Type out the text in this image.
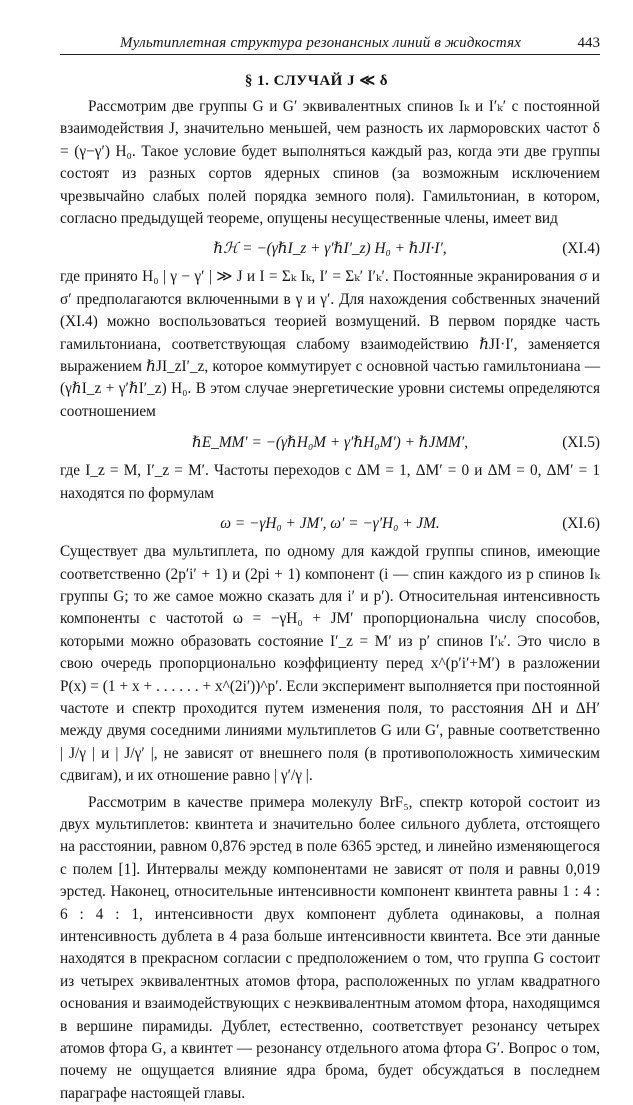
Мультиплетная структура резонансных линий в жидкостях	443
§ 1. СЛУЧАЙ J ≪ δ

Рассмотрим две группы G и G′ эквивалентных спинов Iₖ и I′ₖ′ с постоянной взаимодействия J, значительно меньшей, чем разность их ларморовских частот δ = (γ−γ′) H₀. Такое условие будет выполняться каждый раз, когда эти две группы состоят из разных сортов ядерных спинов (за возможным исключением чрезвычайно слабых полей порядка земного поля). Гамильтониан, в котором, согласно предыдущей теореме, опущены несущественные члены, имеет вид

ℏℋ = −(γℏI_z + γ′ℏI′_z) H₀ + ℏJI·I′,	(XI.4)

где принято H₀ | γ − γ′ | ≫ J и I = Σₖ Iₖ, I′ = Σₖ′ I′ₖ′. Постоянные экранирования σ и σ′ предполагаются включенными в γ и γ′. Для нахождения собственных значений (XI.4) можно воспользоваться теорией возмущений. В первом порядке часть гамильтониана, соответствующая слабому взаимодействию ℏJI·I′, заменяется выражением ℏJI_zI′_z, которое коммутирует с основной частью гамильтониана — (γℏI_z + γ′ℏI′_z) H₀. В этом случае энергетические уровни системы определяются соотношением

ℏE_MM′ = −(γℏH₀M + γ′ℏH₀M′) + ℏJMM′,	(XI.5)

где I_z = M, I′_z = M′. Частоты переходов с ΔM = 1, ΔM′ = 0 и ΔM = 0, ΔM′ = 1 находятся по формулам

ω = −γH₀ + JM′, ω′ = −γ′H₀ + JM.	(XI.6)

Существует два мультиплета, по одному для каждой группы спинов, имеющие соответственно (2p′i′ + 1) и (2pi + 1) компонент (i — спин каждого из p спинов Iₖ группы G; то же самое можно сказать для i′ и p′). Относительная интенсивность компоненты с частотой ω = −γH₀ + JM′ пропорциональна числу способов, которыми можно образовать состояние I′_z = M′ из p′ спинов I′ₖ′. Это число в свою очередь пропорционально коэффициенту перед x^(p′i′+M′) в разложении P(x) = (1 + x + . . . . . . + x^(2i′))^p′. Если эксперимент выполняется при постоянной частоте и спектр проходится путем изменения поля, то расстояния ΔH и ΔH′ между двумя соседними линиями мультиплетов G или G′, равные соответственно | J/γ | и | J/γ′ |, не зависят от внешнего поля (в противоположность химическим сдвигам), и их отношение равно | γ′/γ |.

Рассмотрим в качестве примера молекулу BrF₅, спектр которой состоит из двух мультиплетов: квинтета и значительно более сильного дублета, отстоящего на расстоянии, равном 0,876 эрстед в поле 6365 эрстед, и линейно изменяющегося с полем [1]. Интервалы между компонентами не зависят от поля и равны 0,019 эрстед. Наконец, относительные интенсивности компонент квинтета равны 1 : 4 : 6 : 4 : 1, интенсивности двух компонент дублета одинаковы, а полная интенсивность дублета в 4 раза больше интенсивности квинтета. Все эти данные находятся в прекрасном согласии с предположением о том, что группа G состоит из четырех эквивалентных атомов фтора, расположенных по углам квадратного основания и взаимодействующих с неэквивалентным атомом фтора, находящимся в вершине пирамиды. Дублет, естественно, соответствует резонансу четырех атомов фтора G, а квинтет — резонансу отдельного атома фтора G′. Вопрос о том, почему не ощущается влияние ядра брома, будет обсуждаться в последнем параграфе настоящей главы.
